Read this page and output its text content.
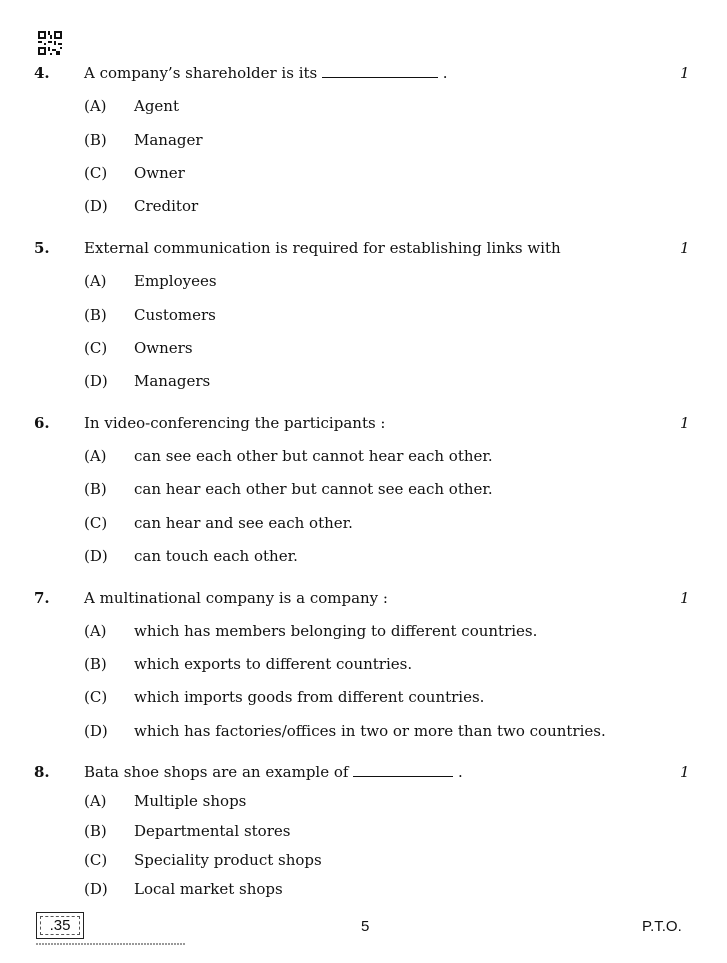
4. A company’s shareholder is its	.	1
(A) Agent
(B) Manager
(C) Owner
(D) Creditor
5. External communication is required for establishing links with	1
(A) Employees
(B) Customers
(C) Owners
(D) Managers
6. In video-conferencing the participants :	1
(A) can see each other but cannot hear each other.
(B) can hear each other but cannot see each other.
(C) can hear and see each other.
(D) can touch each other.
7. A multinational company is a company :	1
(A) which has members belonging to different countries.
(B) which exports to different countries.
(C) which imports goods from different countries.
(D) which has factories/offices in two or more than two countries.
8. Bata shoe shops are an example of	.	1
(A) Multiple shops
(B) Departmental stores
(C) Speciality product shops
(D) Local market shops
.35	5	P.T.O.
